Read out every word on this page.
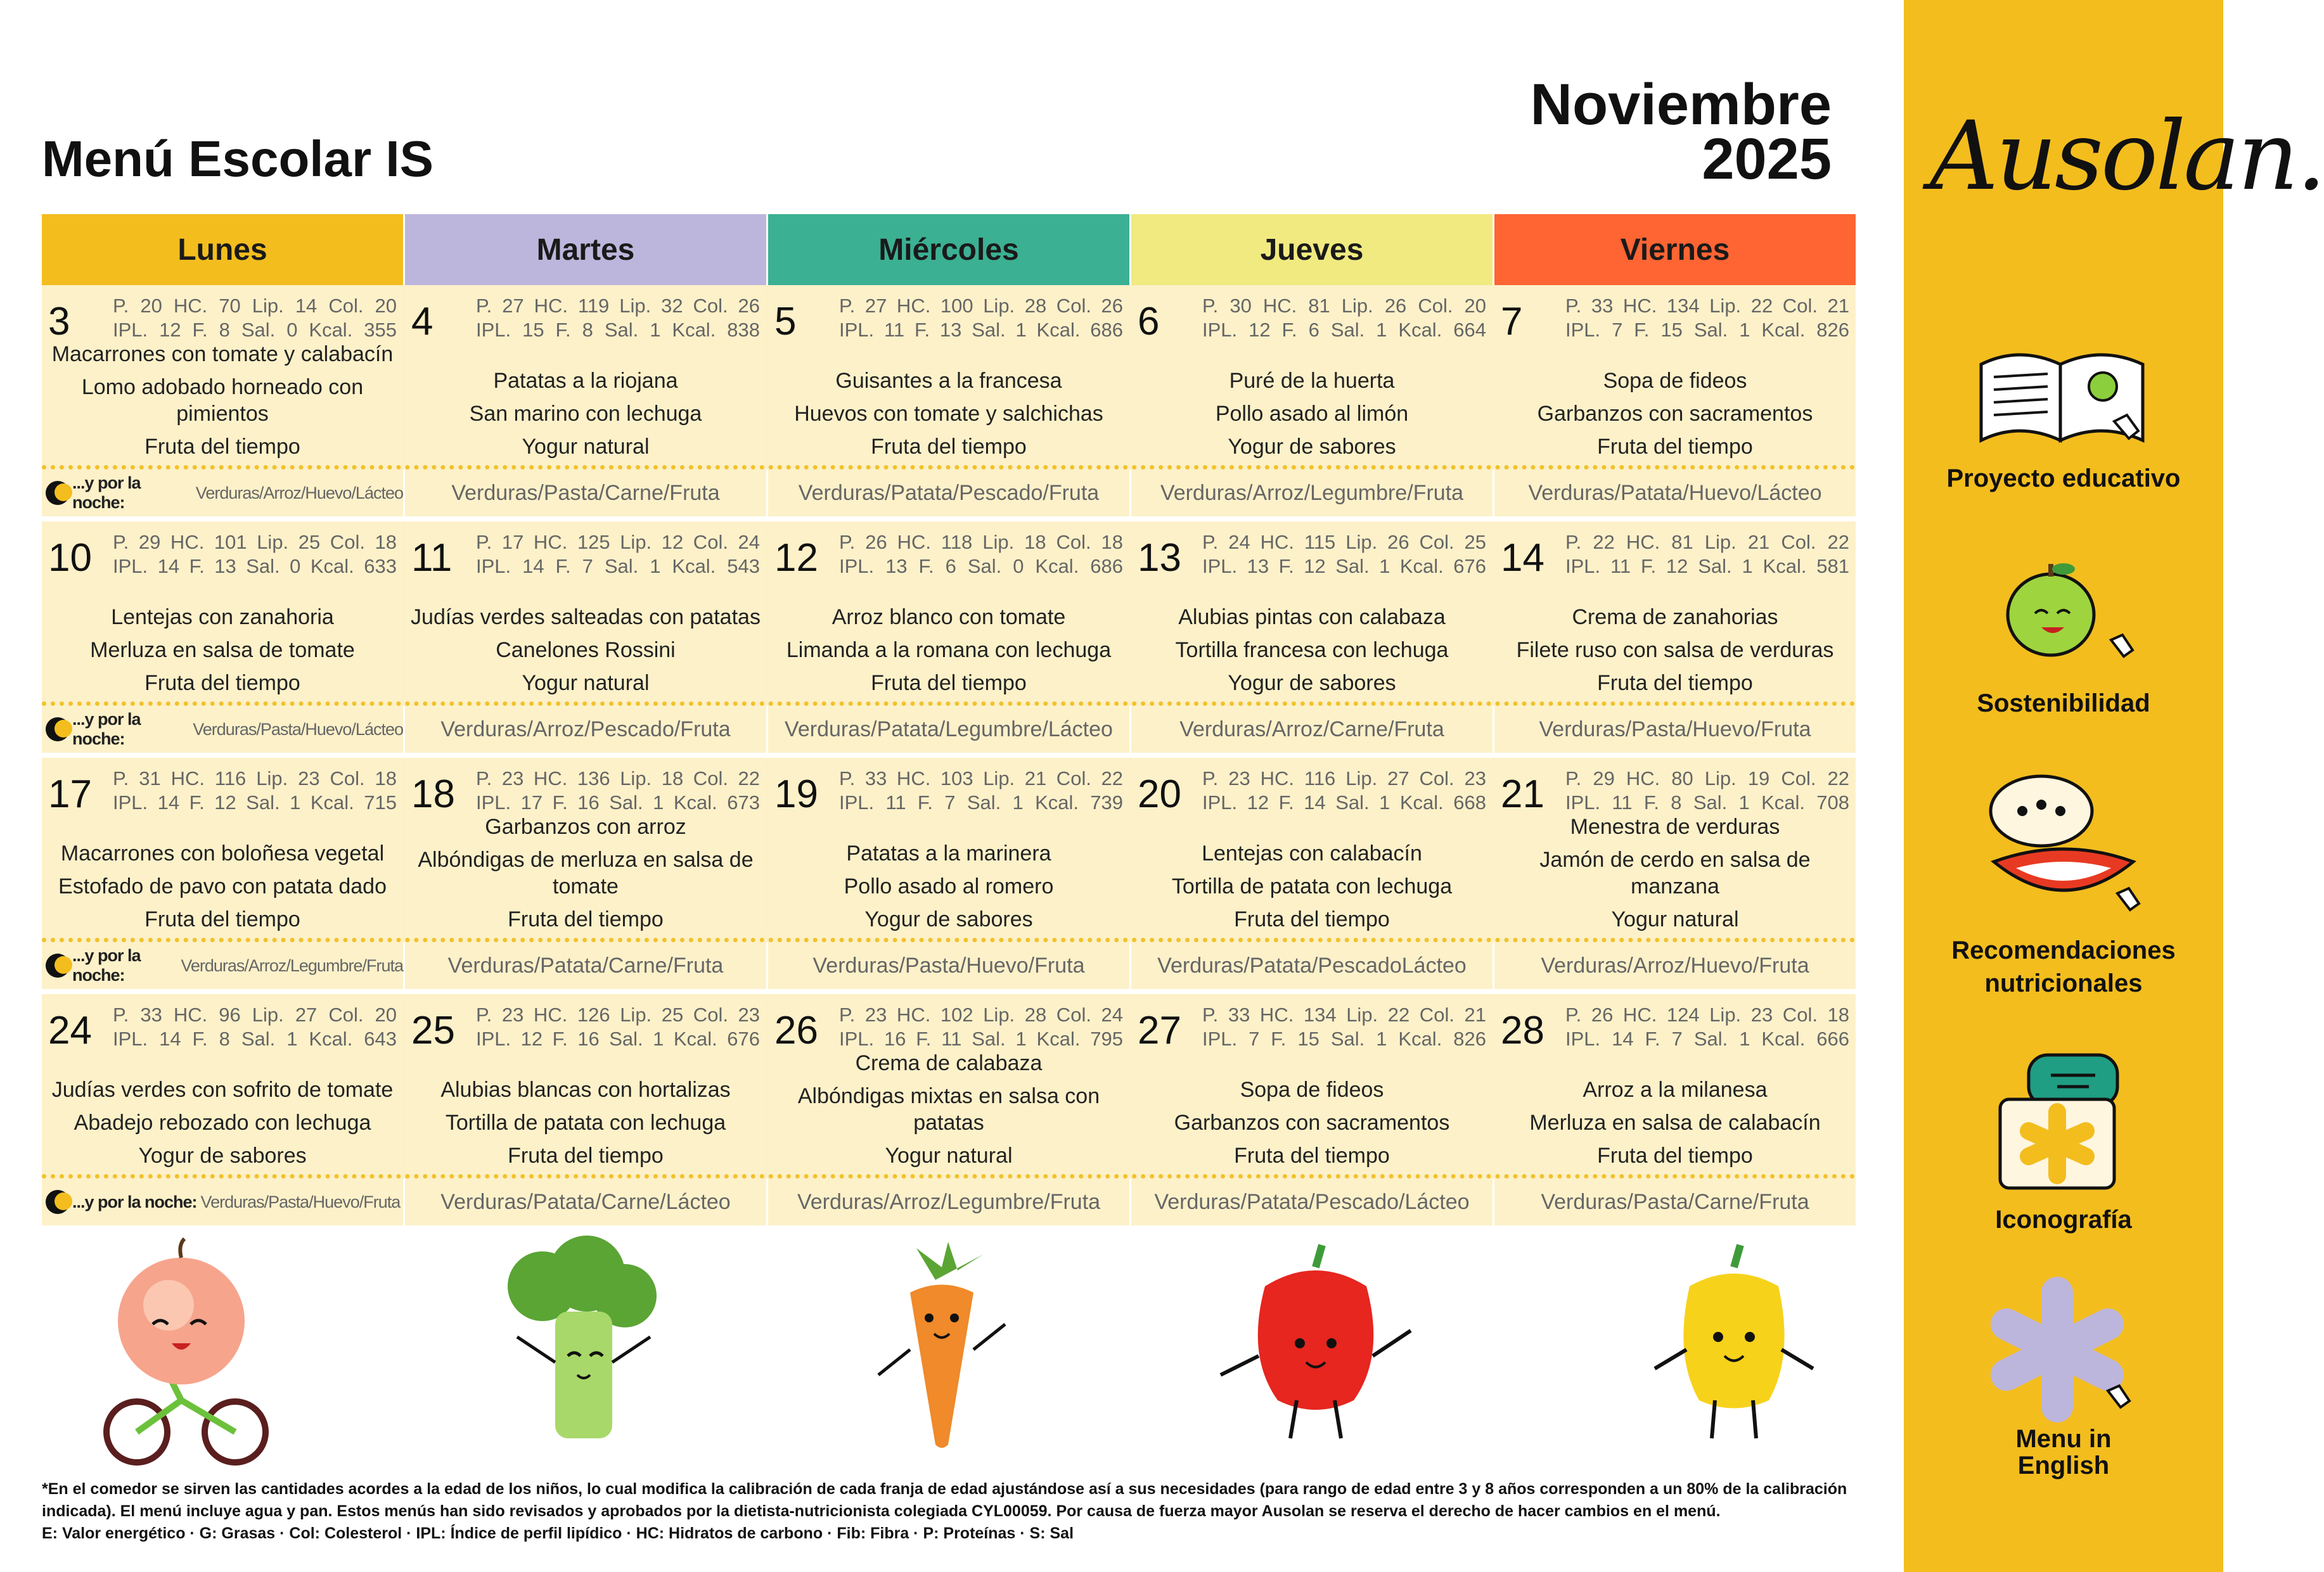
Ausolan.
Proyecto educativo
Sostenibilidad
Recomendaciones nutricionales
Iconografía
Menu in English
Menú Escolar IS
Noviembre
2025
Lunes	Martes	Miércoles	Jueves	Viernes
3 P. 20 HC. 70 Lip. 14 Col. 20
IPL. 12 F. 8 Sal. 0 Kcal. 355
Macarrones con tomate y calabacín
Lomo adobado horneado con pimientos
Fruta del tiempo
4 P. 27 HC. 119 Lip. 32 Col. 26
IPL. 15 F. 8 Sal. 1 Kcal. 838
Patatas a la riojana
San marino con lechuga
Yogur natural
5 P. 27 HC. 100 Lip. 28 Col. 26
IPL. 11 F. 13 Sal. 1 Kcal. 686
Guisantes a la francesa
Huevos con tomate y salchichas
Fruta del tiempo
6 P. 30 HC. 81 Lip. 26 Col. 20
IPL. 12 F. 6 Sal. 1 Kcal. 664
Puré de la huerta
Pollo asado al limón
Yogur de sabores
7 P. 33 HC. 134 Lip. 22 Col. 21
IPL. 7 F. 15 Sal. 1 Kcal. 826
Sopa de fideos
Garbanzos con sacramentos
Fruta del tiempo
...y por la noche:
Verduras/Arroz/Huevo/Lácteo	Verduras/Pasta/Carne/Fruta	Verduras/Patata/Pescado/Fruta	Verduras/Arroz/Legumbre/Fruta	Verduras/Patata/Huevo/Lácteo
10 P. 29 HC. 101 Lip. 25 Col. 18
IPL. 14 F. 13 Sal. 0 Kcal. 633
Lentejas con zanahoria
Merluza en salsa de tomate
Fruta del tiempo
11 P. 17 HC. 125 Lip. 12 Col. 24
IPL. 14 F. 7 Sal. 1 Kcal. 543
Judías verdes salteadas con patatas
Canelones Rossini
Yogur natural
12 P. 26 HC. 118 Lip. 18 Col. 18
IPL. 13 F. 6 Sal. 0 Kcal. 686
Arroz blanco con tomate
Limanda a la romana con lechuga
Fruta del tiempo
13 P. 24 HC. 115 Lip. 26 Col. 25
IPL. 13 F. 12 Sal. 1 Kcal. 676
Alubias pintas con calabaza
Tortilla francesa con lechuga
Yogur de sabores
14 P. 22 HC. 81 Lip. 21 Col. 22
IPL. 11 F. 12 Sal. 1 Kcal. 581
Crema de zanahorias
Filete ruso con salsa de verduras
Fruta del tiempo
...y por la noche:
Verduras/Pasta/Huevo/Lácteo	Verduras/Arroz/Pescado/Fruta	Verduras/Patata/Legumbre/Lácteo	Verduras/Arroz/Carne/Fruta	Verduras/Pasta/Huevo/Fruta
17 P. 31 HC. 116 Lip. 23 Col. 18
IPL. 14 F. 12 Sal. 1 Kcal. 715
Macarrones con boloñesa vegetal
Estofado de pavo con patata dado
Fruta del tiempo
18 P. 23 HC. 136 Lip. 18 Col. 22
IPL. 17 F. 16 Sal. 1 Kcal. 673
Garbanzos con arroz
Albóndigas de merluza en salsa de tomate
Fruta del tiempo
19 P. 33 HC. 103 Lip. 21 Col. 22
IPL. 11 F. 7 Sal. 1 Kcal. 739
Patatas a la marinera
Pollo asado al romero
Yogur de sabores
20 P. 23 HC. 116 Lip. 27 Col. 23
IPL. 12 F. 14 Sal. 1 Kcal. 668
Lentejas con calabacín
Tortilla de patata con lechuga
Fruta del tiempo
21 P. 29 HC. 80 Lip. 19 Col. 22
IPL. 11 F. 8 Sal. 1 Kcal. 708
Menestra de verduras
Jamón de cerdo en salsa de manzana
Yogur natural
...y por la noche:
Verduras/Arroz/Legumbre/Fruta	Verduras/Patata/Carne/Fruta	Verduras/Pasta/Huevo/Fruta	Verduras/Patata/PescadoLácteo	Verduras/Arroz/Huevo/Fruta
24 P. 33 HC. 96 Lip. 27 Col. 20
IPL. 14 F. 8 Sal. 1 Kcal. 643
Judías verdes con sofrito de tomate
Abadejo rebozado con lechuga
Yogur de sabores
25 P. 23 HC. 126 Lip. 25 Col. 23
IPL. 12 F. 16 Sal. 1 Kcal. 676
Alubias blancas con hortalizas
Tortilla de patata con lechuga
Fruta del tiempo
26 P. 23 HC. 102 Lip. 28 Col. 24
IPL. 16 F. 11 Sal. 1 Kcal. 795
Crema de calabaza
Albóndigas mixtas en salsa con patatas
Yogur natural
27 P. 33 HC. 134 Lip. 22 Col. 21
IPL. 7 F. 15 Sal. 1 Kcal. 826
Sopa de fideos
Garbanzos con sacramentos
Fruta del tiempo
28 P. 26 HC. 124 Lip. 23 Col. 18
IPL. 14 F. 7 Sal. 1 Kcal. 666
Arroz a la milanesa
Merluza en salsa de calabacín
Fruta del tiempo
...y por la noche: Verduras/Pasta/Huevo/Fruta	Verduras/Patata/Carne/Lácteo	Verduras/Arroz/Legumbre/Fruta	Verduras/Patata/Pescado/Lácteo	Verduras/Pasta/Carne/Fruta
*En el comedor se sirven las cantidades acordes a la edad de los niños, lo cual modifica la calibración de cada franja de edad ajustándose así a sus necesidades (para rango de edad entre 3 y 8 años corresponden a un 80% de la calibración indicada). El menú incluye agua y pan. Estos menús han sido revisados y aprobados por la dietista-nutricionista colegiada CYL00059. Por causa de fuerza mayor Ausolan se reserva el derecho de hacer cambios en el menú.
E: Valor energético · G: Grasas · Col: Colesterol · IPL: Índice de perfil lipídico · HC: Hidratos de carbono · Fib: Fibra · P: Proteínas · S: Sal
